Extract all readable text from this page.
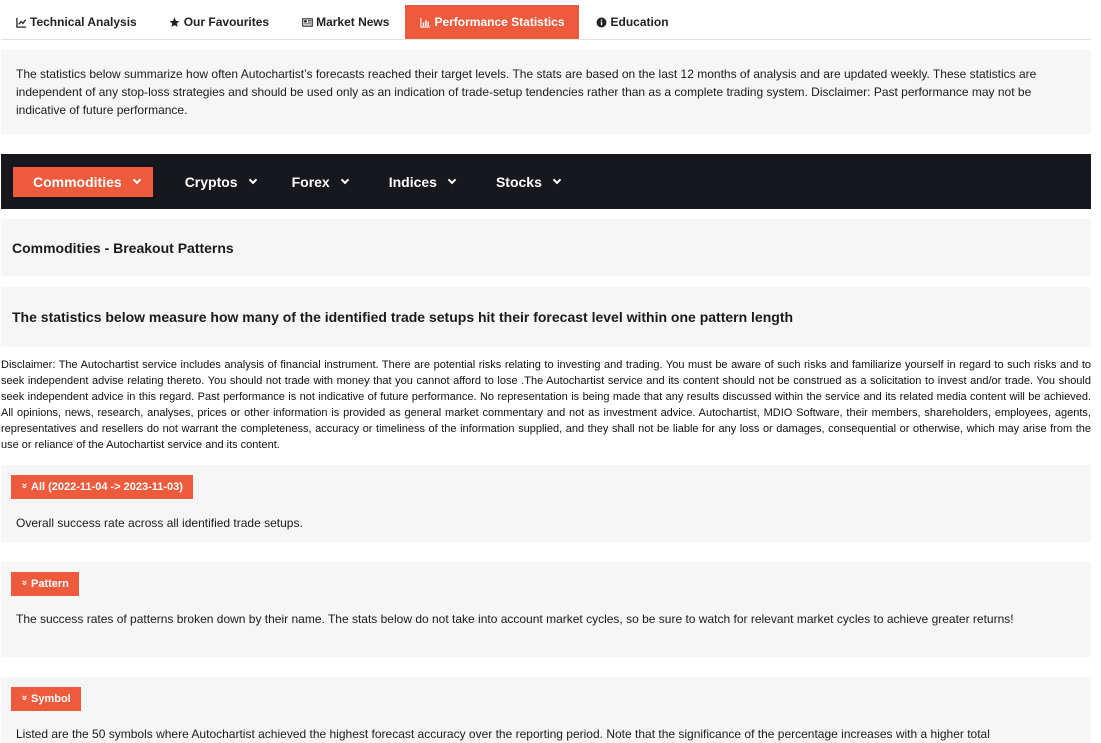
Technical Analysis	Our Favourites	Market News	Performance Statistics	Education

The statistics below summarize how often Autochartist’s forecasts reached their target levels. The stats are based on the last 12 months of analysis and are updated weekly. These statistics are independent of any stop-loss strategies and should be used only as an indication of trade-setup tendencies rather than as a complete trading system. Disclaimer: Past performance may not be indicative of future performance.

Commodities	Cryptos	Forex	Indices	Stocks
Commodities - Breakout Patterns
The statistics below measure how many of the identified trade setups hit their forecast level within one pattern length

Disclaimer: The Autochartist service includes analysis of financial instrument. There are potential risks relating to investing and trading. You must be aware of such risks and familiarize yourself in regard to such risks and to seek independent advise relating thereto. You should not trade with money that you cannot afford to lose .The Autochartist service and its content should not be construed as a solicitation to invest and/or trade. You should seek independent advice in this regard. Past performance is not indicative of future performance. No representation is being made that any results discussed within the service and its related media content will be achieved. All opinions, news, research, analyses, prices or other information is provided as general market commentary and not as investment advice. Autochartist, MDIO Software, their members, shareholders, employees, agents, representatives and resellers do not warrant the completeness, accuracy or timeliness of the information supplied, and they shall not be liable for any loss or damages, consequential or otherwise, which may arise from the use or reliance of the Autochartist service and its content.

» All (2022-11-04 -> 2023-11-03)

Overall success rate across all identified trade setups.

» Pattern

The success rates of patterns broken down by their name. The stats below do not take into account market cycles, so be sure to watch for relevant market cycles to achieve greater returns!

» Symbol

Listed are the 50 symbols where Autochartist achieved the highest forecast accuracy over the reporting period. Note that the significance of the percentage increases with a higher total
